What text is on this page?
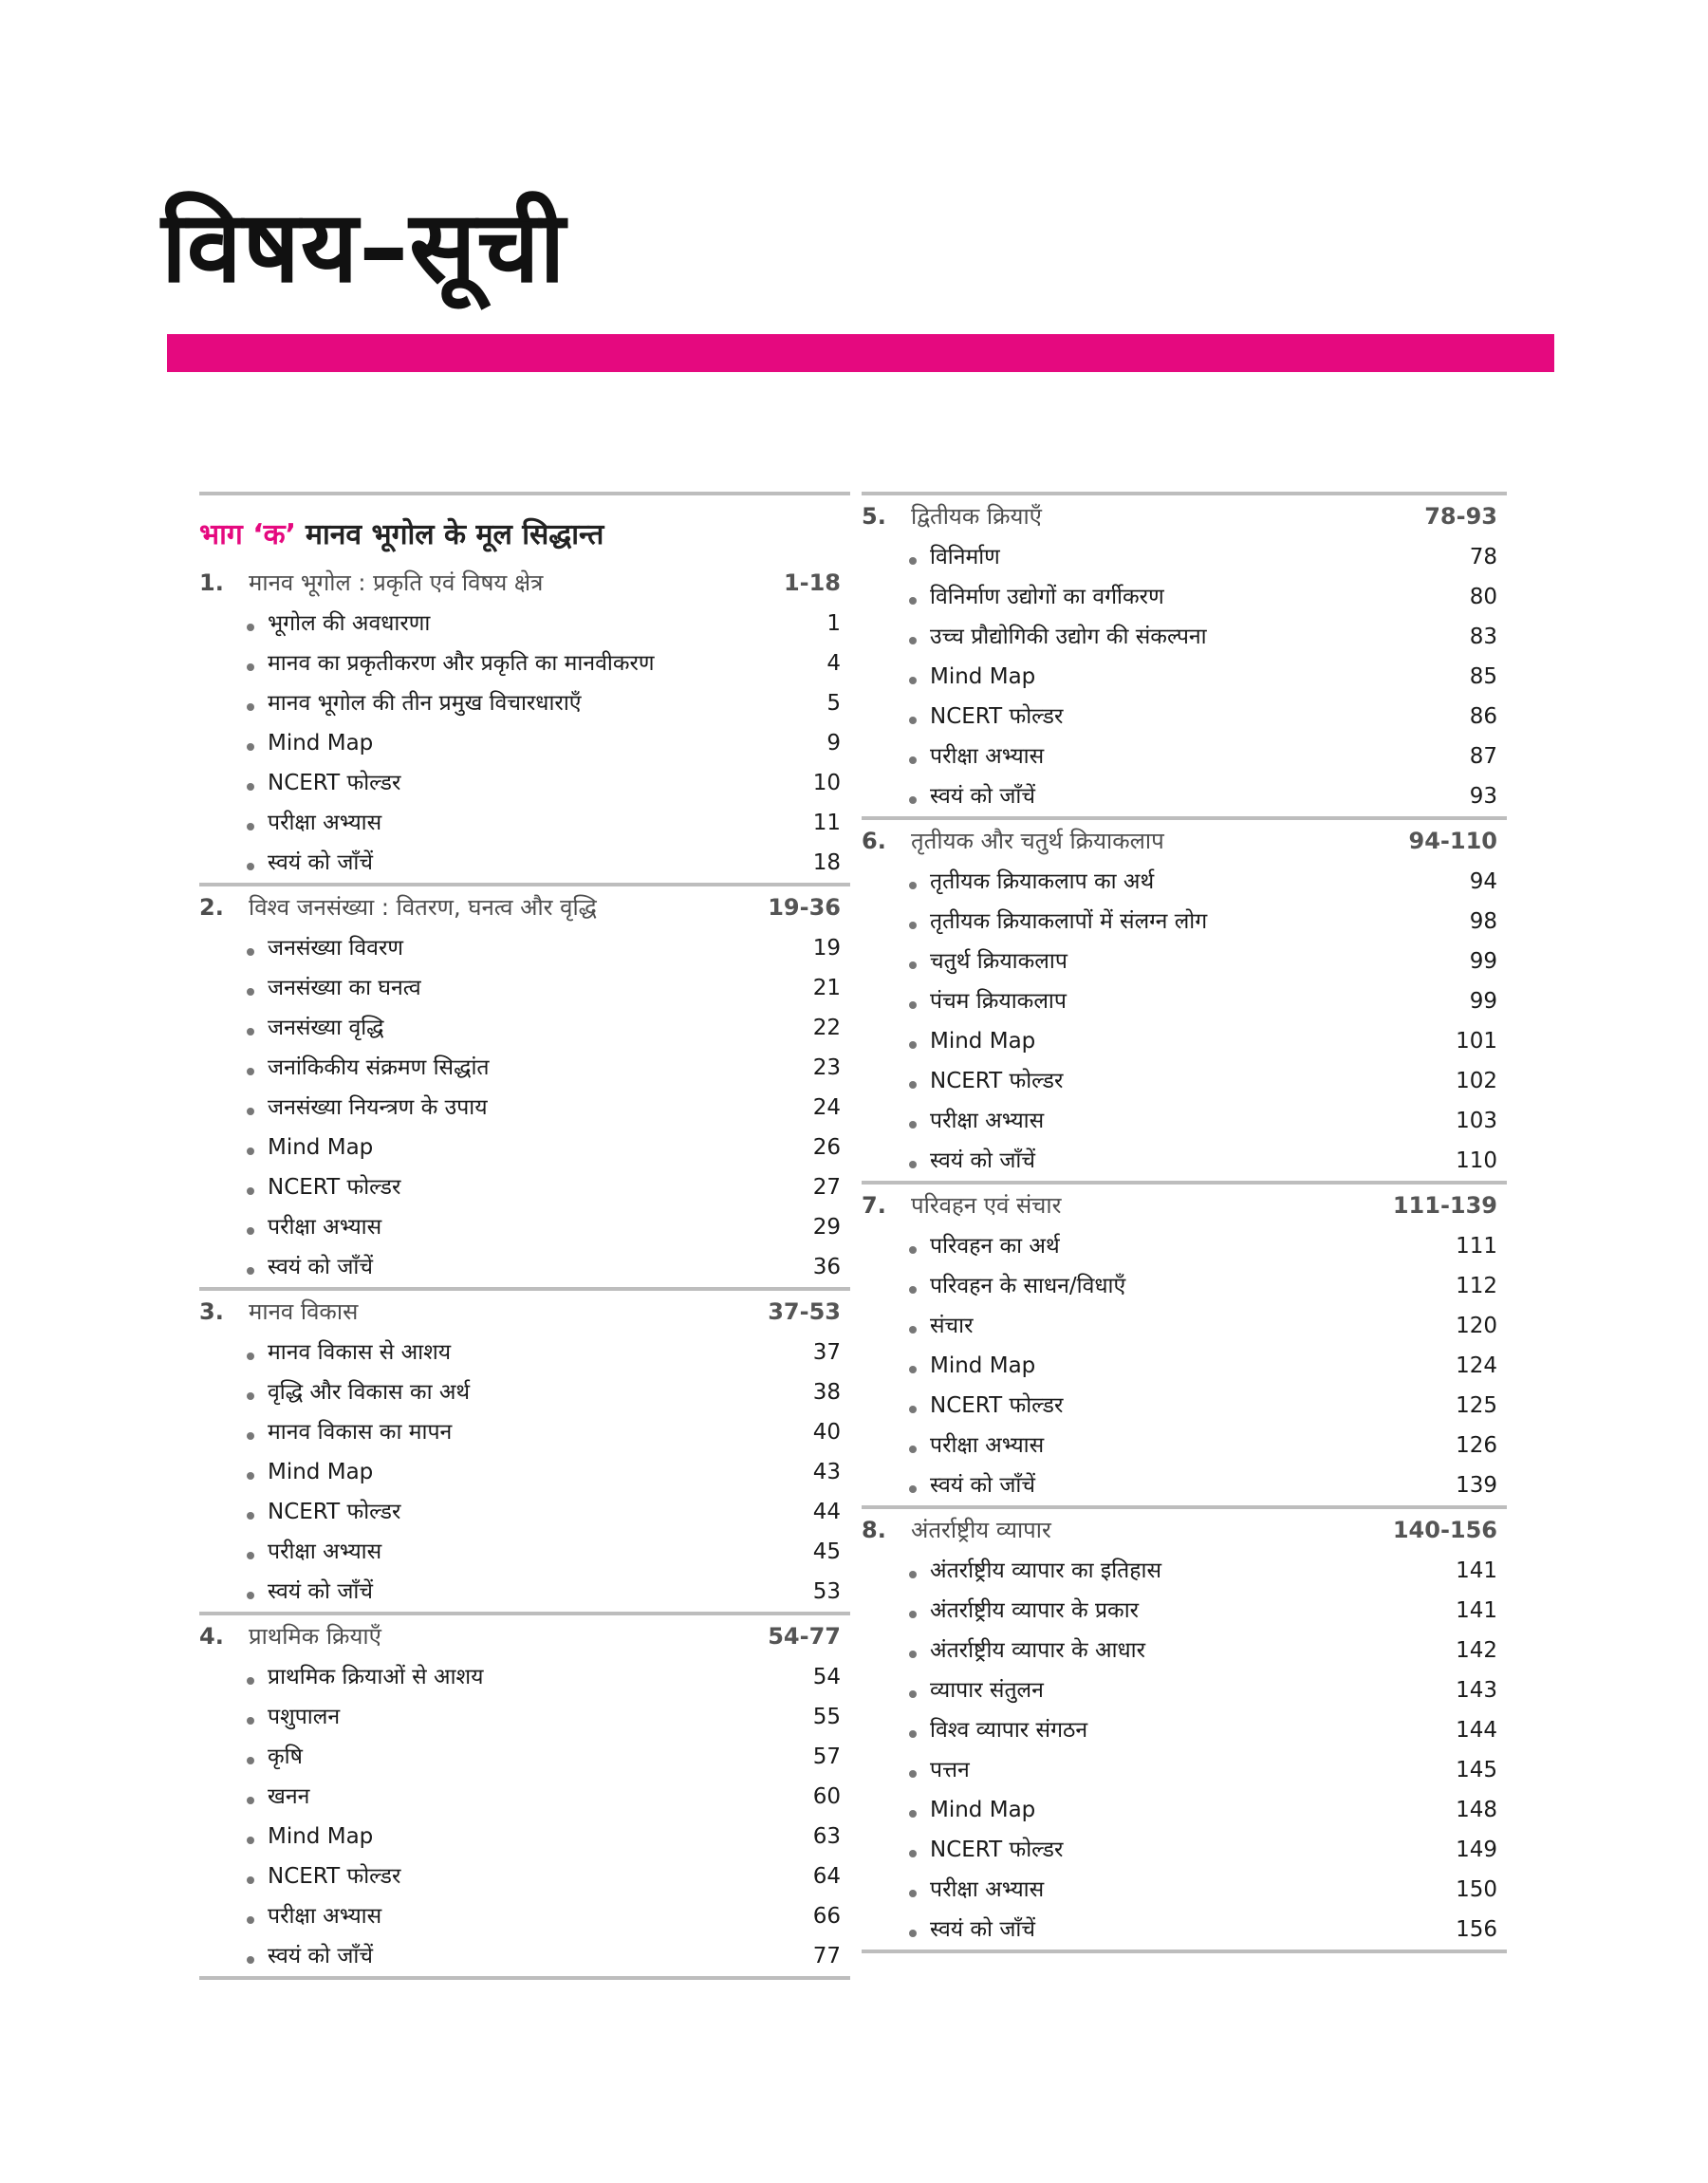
विषय–सूची
भाग ‘क’ मानव भूगोल के मूल सिद्धान्त
1. मानव भूगोल : प्रकृति एवं विषय क्षेत्र	1-18
भूगोल की अवधारणा	1
मानव का प्रकृतीकरण और प्रकृति का मानवीकरण	4
मानव भूगोल की तीन प्रमुख विचारधाराएँ	5
Mind Map	9
NCERT फोल्डर	10
परीक्षा अभ्यास	11
स्वयं को जाँचें	18
2. विश्व जनसंख्या : वितरण, घनत्व और वृद्धि	19-36
जनसंख्या विवरण	19
जनसंख्या का घनत्व	21
जनसंख्या वृद्धि	22
जनांकिकीय संक्रमण सिद्धांत	23
जनसंख्या नियन्त्रण के उपाय	24
Mind Map	26
NCERT फोल्डर	27
परीक्षा अभ्यास	29
स्वयं को जाँचें	36
3. मानव विकास	37-53
मानव विकास से आशय	37
वृद्धि और विकास का अर्थ	38
मानव विकास का मापन	40
Mind Map	43
NCERT फोल्डर	44
परीक्षा अभ्यास	45
स्वयं को जाँचें	53
4. प्राथमिक क्रियाएँ	54-77
प्राथमिक क्रियाओं से आशय	54
पशुपालन	55
कृषि	57
खनन	60
Mind Map	63
NCERT फोल्डर	64
परीक्षा अभ्यास	66
स्वयं को जाँचें	77
5. द्वितीयक क्रियाएँ	78-93
विनिर्माण	78
विनिर्माण उद्योगों का वर्गीकरण	80
उच्च प्रौद्योगिकी उद्योग की संकल्पना	83
Mind Map	85
NCERT फोल्डर	86
परीक्षा अभ्यास	87
स्वयं को जाँचें	93
6. तृतीयक और चतुर्थ क्रियाकलाप	94-110
तृतीयक क्रियाकलाप का अर्थ	94
तृतीयक क्रियाकलापों में संलग्न लोग	98
चतुर्थ क्रियाकलाप	99
पंचम क्रियाकलाप	99
Mind Map	101
NCERT फोल्डर	102
परीक्षा अभ्यास	103
स्वयं को जाँचें	110
7. परिवहन एवं संचार	111-139
परिवहन का अर्थ	111
परिवहन के साधन/विधाएँ	112
संचार	120
Mind Map	124
NCERT फोल्डर	125
परीक्षा अभ्यास	126
स्वयं को जाँचें	139
8. अंतर्राष्ट्रीय व्यापार	140-156
अंतर्राष्ट्रीय व्यापार का इतिहास	141
अंतर्राष्ट्रीय व्यापार के प्रकार	141
अंतर्राष्ट्रीय व्यापार के आधार	142
व्यापार संतुलन	143
विश्व व्यापार संगठन	144
पत्तन	145
Mind Map	148
NCERT फोल्डर	149
परीक्षा अभ्यास	150
स्वयं को जाँचें	156
